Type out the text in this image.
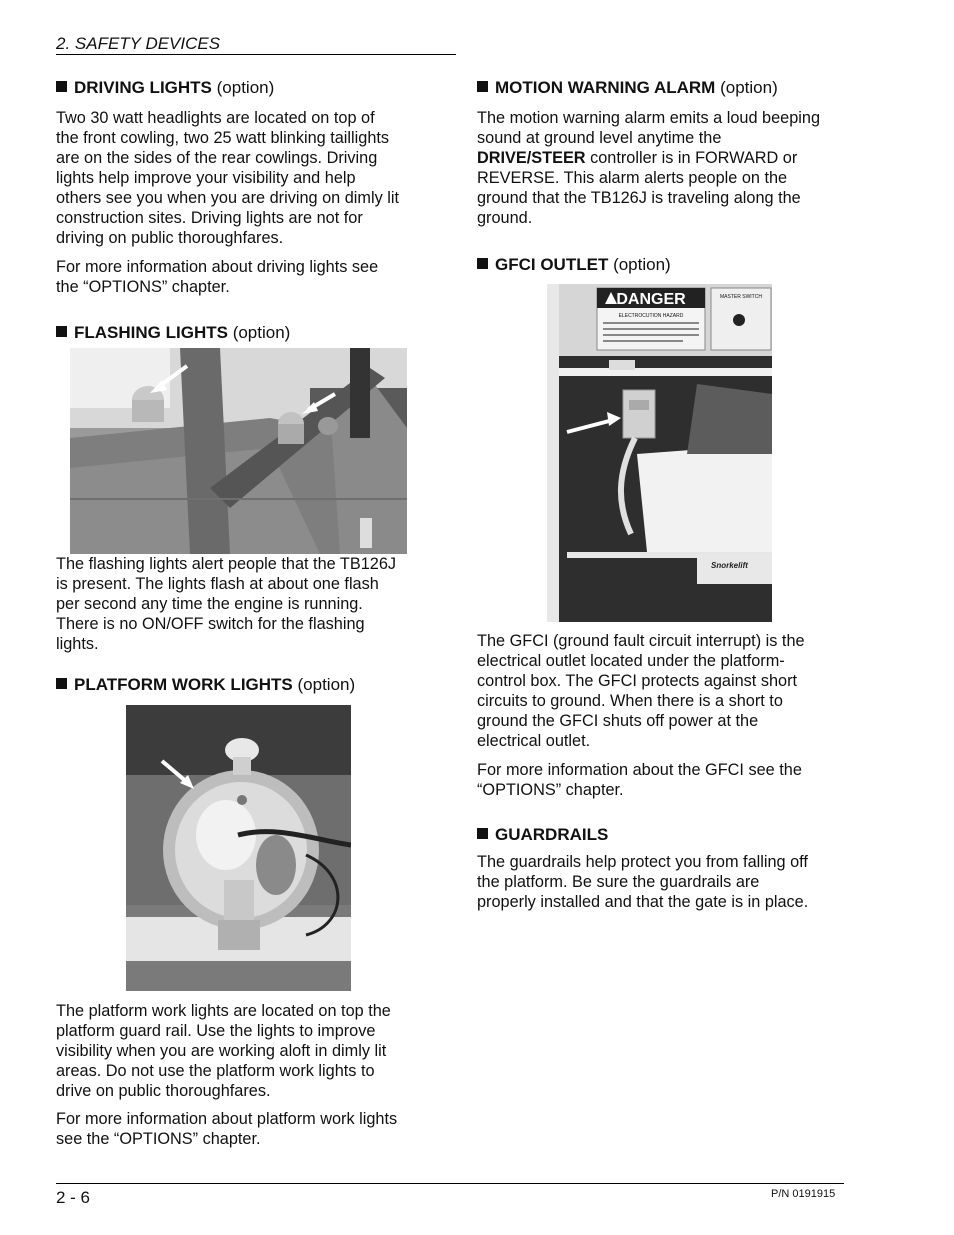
2. SAFETY DEVICES
DRIVING LIGHTS (option)
Two 30 watt headlights are located on top of
the front cowling, two 25 watt blinking taillights
are on the sides of the rear cowlings. Driving
lights help improve your visibility and help
others see you when you are driving on dimly lit
construction sites. Driving lights are not for
driving on public thoroughfares.
For more information about driving lights see
the “OPTIONS” chapter.
FLASHING LIGHTS (option)
The flashing lights alert people that the TB126J
is present. The lights flash at about one flash
per second any time the engine is running.
There is no ON/OFF switch for the flashing
lights.
PLATFORM WORK LIGHTS (option)
The platform work lights are located on top the
platform guard rail. Use the lights to improve
visibility when you are working aloft in dimly lit
areas. Do not use the platform work lights to
drive on public thoroughfares.
For more information about platform work lights
see the “OPTIONS” chapter.
MOTION WARNING ALARM (option)
The motion warning alarm emits a loud beeping
sound at ground level anytime the
DRIVE/STEER controller is in FORWARD or
REVERSE. This alarm alerts people on the
ground that the TB126J is traveling along the
ground.
GFCI OUTLET (option)
DANGER
ELECTROCUTION HAZARD
MASTER SWITCH
Snorkelift
The GFCI (ground fault circuit interrupt) is the
electrical outlet located under the platform-
control box. The GFCI protects against short
circuits to ground. When there is a short to
ground the GFCI shuts off power at the
electrical outlet.
For more information about the GFCI see the
“OPTIONS” chapter.
GUARDRAILS
The guardrails help protect you from falling off
the platform. Be sure the guardrails are
properly installed and that the gate is in place.
2 - 6	P/N 0191915
